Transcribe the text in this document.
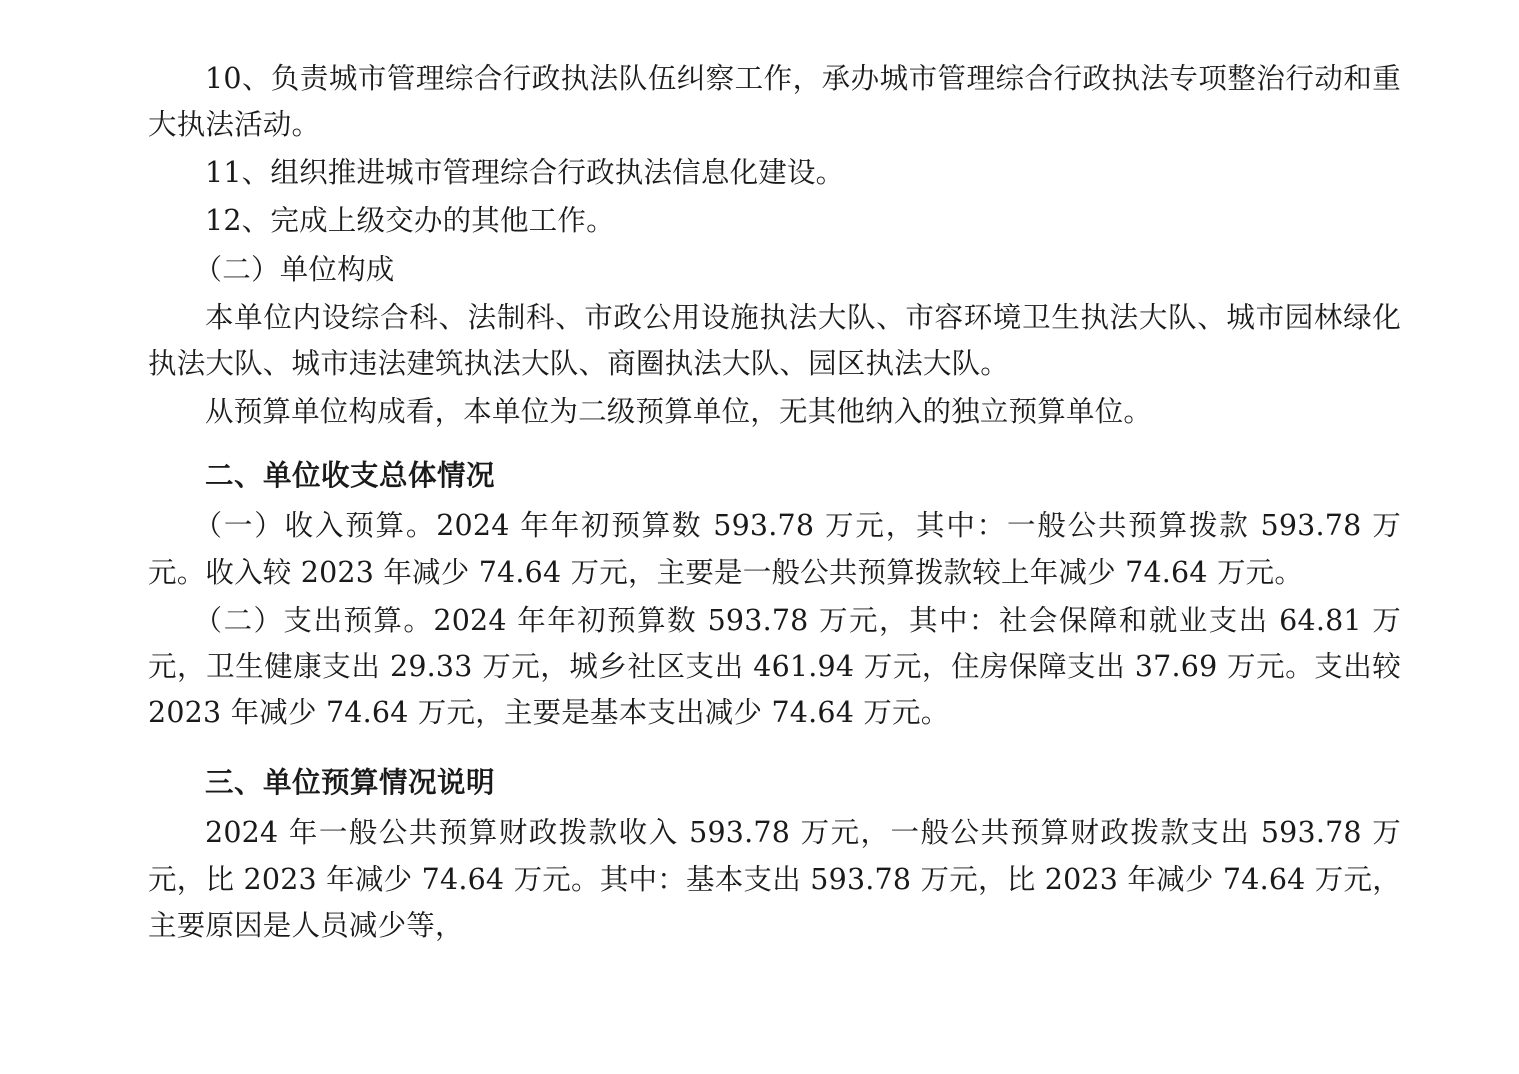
10、负责城市管理综合行政执法队伍纠察工作，承办城市管理综合行政执法专项整治行动和重大执法活动。

11、组织推进城市管理综合行政执法信息化建设。

12、完成上级交办的其他工作。

（二）单位构成

本单位内设综合科、法制科、市政公用设施执法大队、市容环境卫生执法大队、城市园林绿化执法大队、城市违法建筑执法大队、商圈执法大队、园区执法大队。

从预算单位构成看，本单位为二级预算单位，无其他纳入的独立预算单位。

二、单位收支总体情况

（一）收入预算。2024 年年初预算数 593.78 万元，其中：一般公共预算拨款 593.78 万元。收入较 2023 年减少 74.64 万元，主要是一般公共预算拨款较上年减少 74.64 万元。

（二）支出预算。2024 年年初预算数 593.78 万元，其中：社会保障和就业支出 64.81 万元，卫生健康支出 29.33 万元，城乡社区支出 461.94 万元，住房保障支出 37.69 万元。支出较 2023 年减少 74.64 万元，主要是基本支出减少 74.64 万元。

三、单位预算情况说明

2024 年一般公共预算财政拨款收入 593.78 万元，一般公共预算财政拨款支出 593.78 万元，比 2023 年减少 74.64 万元。其中：基本支出 593.78 万元，比 2023 年减少 74.64 万元，主要原因是人员减少等，
